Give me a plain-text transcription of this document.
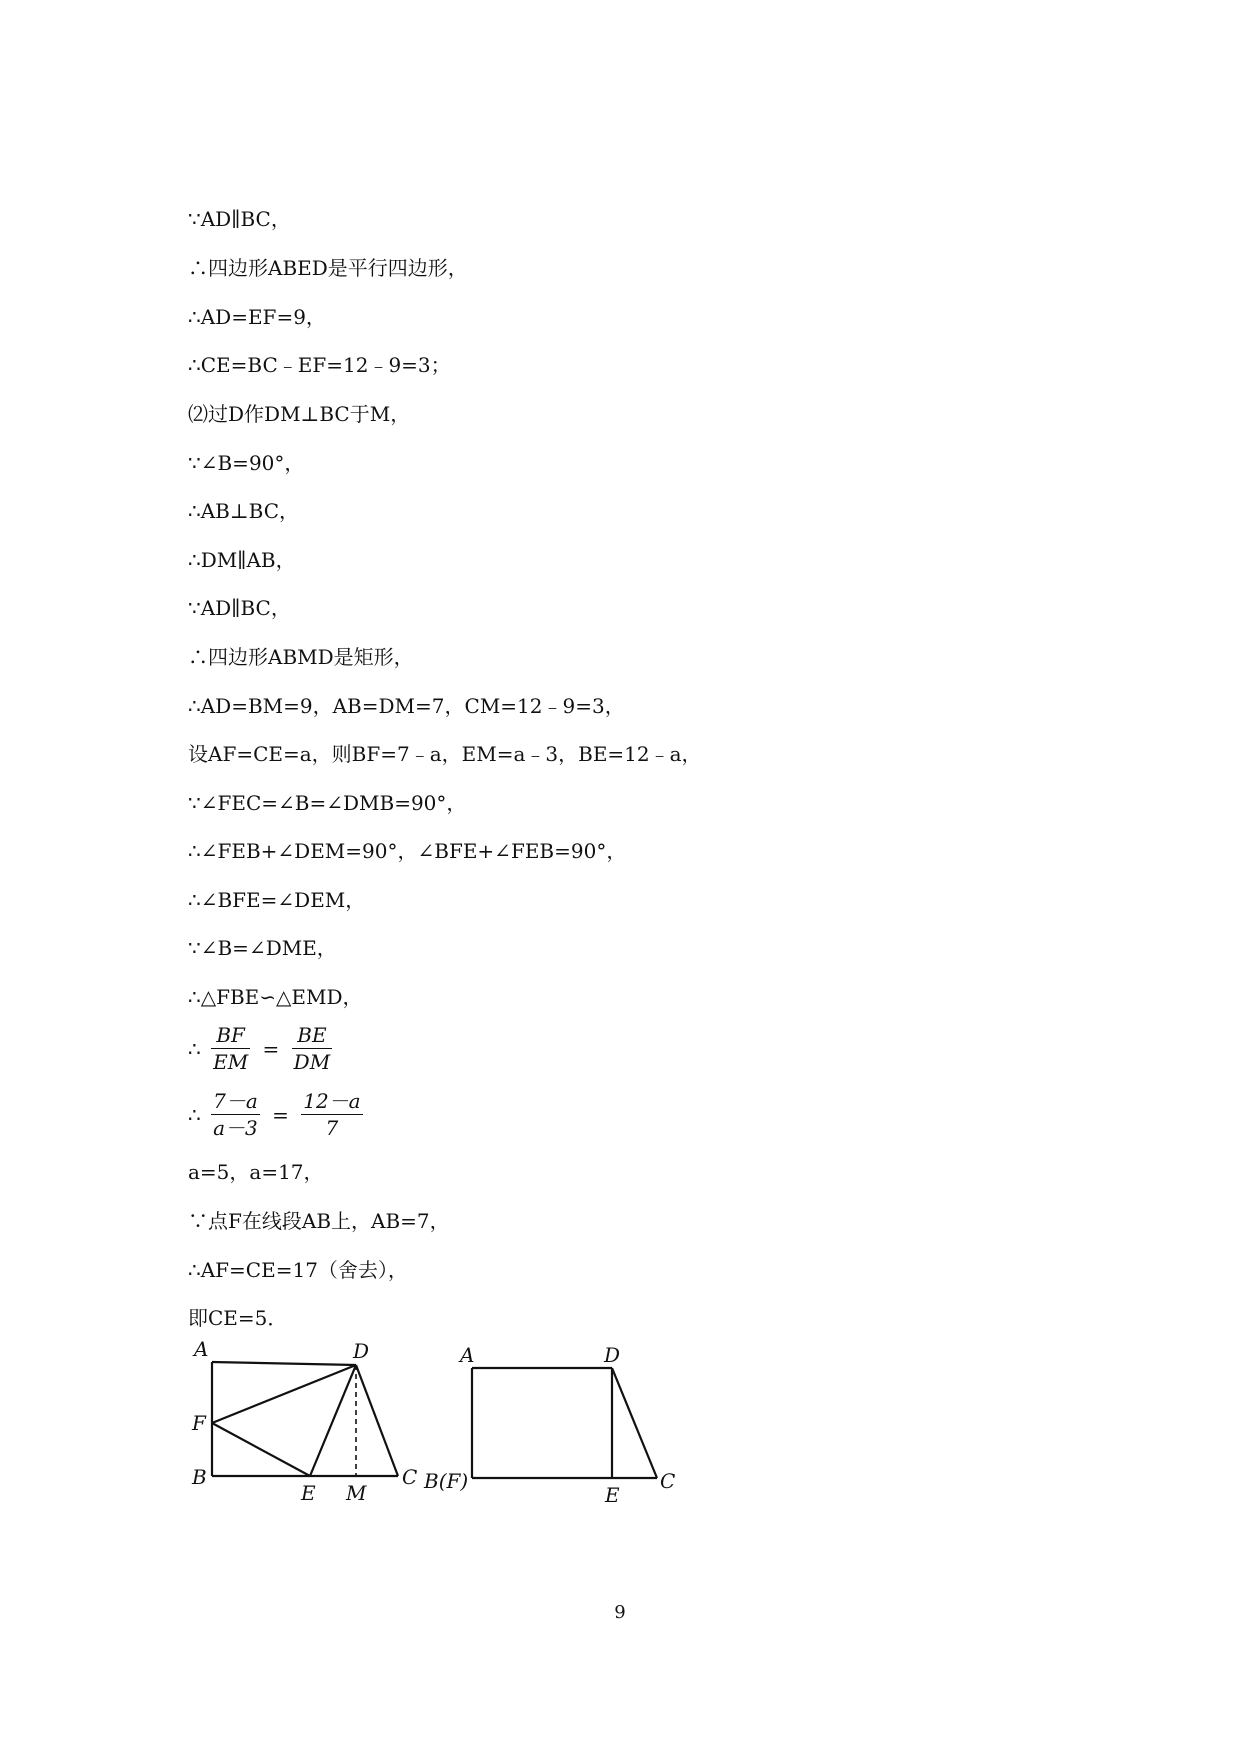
∵AD∥BC，
∴四边形ABED是平行四边形，
∴AD=EF=9，
∴CE=BC﹣EF=12﹣9=3；
⑵过D作DM⊥BC于M，
∵∠B=90°，
∴AB⊥BC，
∴DM∥AB，
∵AD∥BC，
∴四边形ABMD是矩形，
∴AD=BM=9，AB=DM=7，CM=12﹣9=3，
设AF=CE=a，则BF=7﹣a，EM=a﹣3，BE=12﹣a，
∵∠FEC=∠B=∠DMB=90°，
∴∠FEB+∠DEM=90°，∠BFE+∠FEB=90°，
∴∠BFE=∠DEM，
∵∠B=∠DME，
∴△FBE∽△EMD，
∴ $\frac{BF}{EM} = \frac{BE}{DM}$
∴ $\frac{7-a}{a-3} = \frac{12-a}{7}$
a=5，a=17，
∵点F在线段AB上，AB=7，
∴AF=CE=17（舍去），
即CE=5．
A	D
F
B
E M
C
A	D
B(F)
E
C
9
